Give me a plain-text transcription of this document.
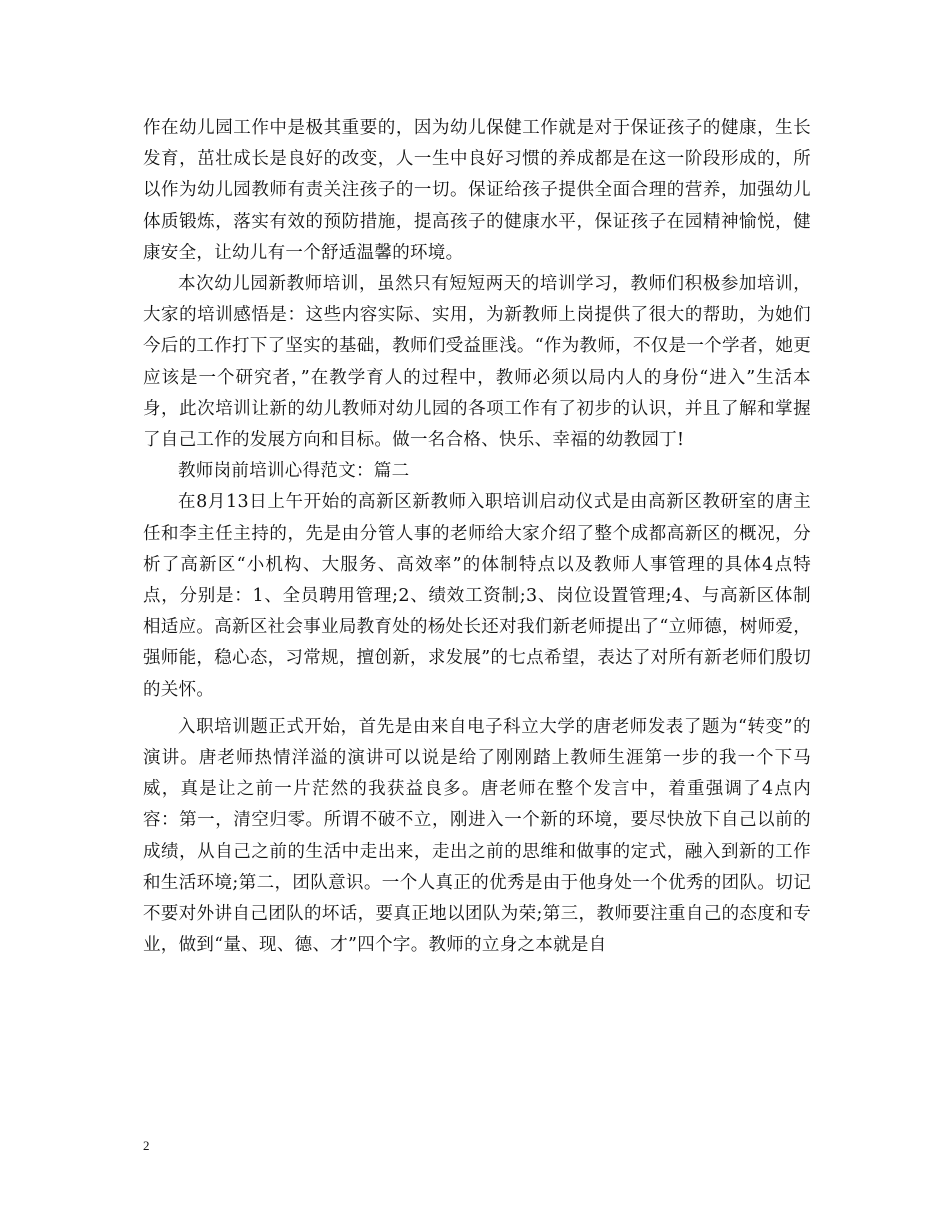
作在幼儿园工作中是极其重要的，因为幼儿保健工作就是对于保证孩子的健康，生长发育，茁壮成长是良好的改变，人一生中良好习惯的养成都是在这一阶段形成的，所以作为幼儿园教师有责关注孩子的一切。保证给孩子提供全面合理的营养，加强幼儿体质锻炼，落实有效的预防措施，提高孩子的健康水平，保证孩子在园精神愉悦，健康安全，让幼儿有一个舒适温馨的环境。

本次幼儿园新教师培训，虽然只有短短两天的培训学习，教师们积极参加培训，大家的培训感悟是：这些内容实际、实用，为新教师上岗提供了很大的帮助，为她们今后的工作打下了坚实的基础，教师们受益匪浅。“作为教师，不仅是一个学者，她更应该是一个研究者，”在教学育人的过程中，教师必须以局内人的身份“进入”生活本身，此次培训让新的幼儿教师对幼儿园的各项工作有了初步的认识，并且了解和掌握了自己工作的发展方向和目标。做一名合格、快乐、幸福的幼教园丁!

教师岗前培训心得范文：篇二

在8月13日上午开始的高新区新教师入职培训启动仪式是由高新区教研室的唐主任和李主任主持的，先是由分管人事的老师给大家介绍了整个成都高新区的概况，分析了高新区“小机构、大服务、高效率”的体制特点以及教师人事管理的具体4点特点，分别是：1、全员聘用管理;2、绩效工资制;3、岗位设置管理;4、与高新区体制相适应。高新区社会事业局教育处的杨处长还对我们新老师提出了“立师德，树师爱，强师能，稳心态，习常规，擅创新，求发展”的七点希望，表达了对所有新老师们殷切的关怀。

入职培训题正式开始，首先是由来自电子科立大学的唐老师发表了题为“转变”的演讲。唐老师热情洋溢的演讲可以说是给了刚刚踏上教师生涯第一步的我一个下马威，真是让之前一片茫然的我获益良多。唐老师在整个发言中，着重强调了4点内容：第一，清空归零。所谓不破不立，刚进入一个新的环境，要尽快放下自己以前的成绩，从自己之前的生活中走出来，走出之前的思维和做事的定式，融入到新的工作和生活环境;第二，团队意识。一个人真正的优秀是由于他身处一个优秀的团队。切记不要对外讲自己团队的坏话，要真正地以团队为荣;第三，教师要注重自己的态度和专业，做到“量、现、德、才”四个字。教师的立身之本就是自

2
